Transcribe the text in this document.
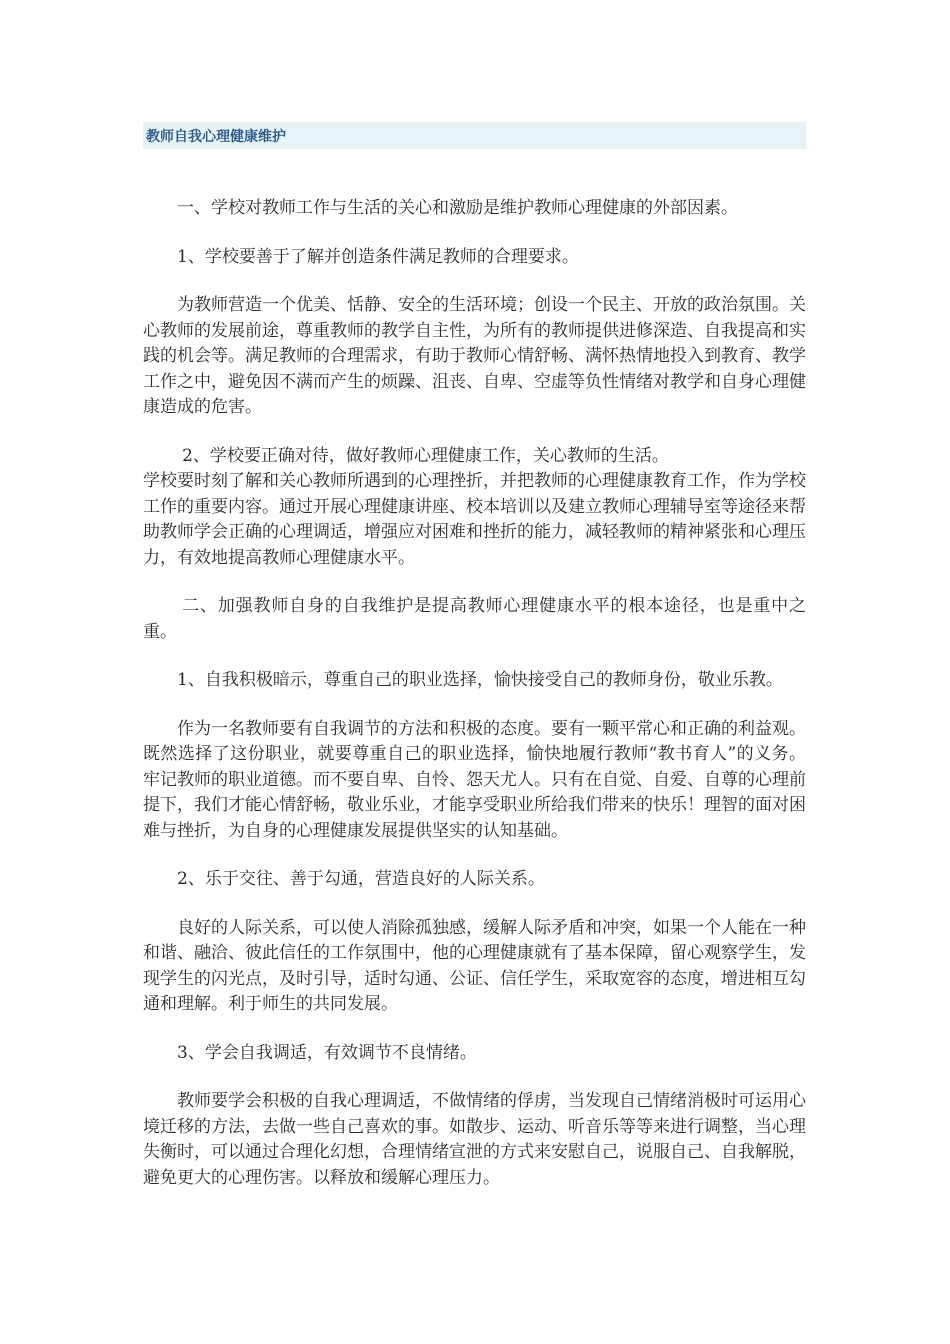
教师自我心理健康维护

一、学校对教师工作与生活的关心和激励是维护教师心理健康的外部因素。

1、学校要善于了解并创造条件满足教师的合理要求。

为教师营造一个优美、恬静、安全的生活环境；创设一个民主、开放的政治氛围。关心教师的发展前途，尊重教师的教学自主性，为所有的教师提供进修深造、自我提高和实践的机会等。满足教师的合理需求，有助于教师心情舒畅、满怀热情地投入到教育、教学工作之中，避免因不满而产生的烦躁、沮丧、自卑、空虚等负性情绪对教学和自身心理健康造成的危害。

2、学校要正确对待，做好教师心理健康工作，关心教师的生活。

学校要时刻了解和关心教师所遇到的心理挫折，并把教师的心理健康教育工作，作为学校工作的重要内容。通过开展心理健康讲座、校本培训以及建立教师心理辅导室等途径来帮助教师学会正确的心理调适，增强应对困难和挫折的能力，减轻教师的精神紧张和心理压力，有效地提高教师心理健康水平。

二、加强教师自身的自我维护是提高教师心理健康水平的根本途径，也是重中之重。

1、自我积极暗示，尊重自己的职业选择，愉快接受自己的教师身份，敬业乐教。

作为一名教师要有自我调节的方法和积极的态度。要有一颗平常心和正确的利益观。既然选择了这份职业，就要尊重自己的职业选择，愉快地履行教师“教书育人”的义务。牢记教师的职业道德。而不要自卑、自怜、怨天尤人。只有在自觉、自爱、自尊的心理前提下，我们才能心情舒畅，敬业乐业，才能享受职业所给我们带来的快乐！理智的面对困难与挫折，为自身的心理健康发展提供坚实的认知基础。

2、乐于交往、善于勾通，营造良好的人际关系。

良好的人际关系，可以使人消除孤独感，缓解人际矛盾和冲突，如果一个人能在一种和谐、融洽、彼此信任的工作氛围中，他的心理健康就有了基本保障，留心观察学生，发现学生的闪光点，及时引导，适时勾通、公证、信任学生，采取宽容的态度，增进相互勾通和理解。利于师生的共同发展。

3、学会自我调适，有效调节不良情绪。

教师要学会积极的自我心理调适，不做情绪的俘虏，当发现自己情绪消极时可运用心境迁移的方法，去做一些自己喜欢的事。如散步、运动、听音乐等等来进行调整，当心理失衡时，可以通过合理化幻想，合理情绪宣泄的方式来安慰自己，说服自己、自我解脱，避免更大的心理伤害。以释放和缓解心理压力。
